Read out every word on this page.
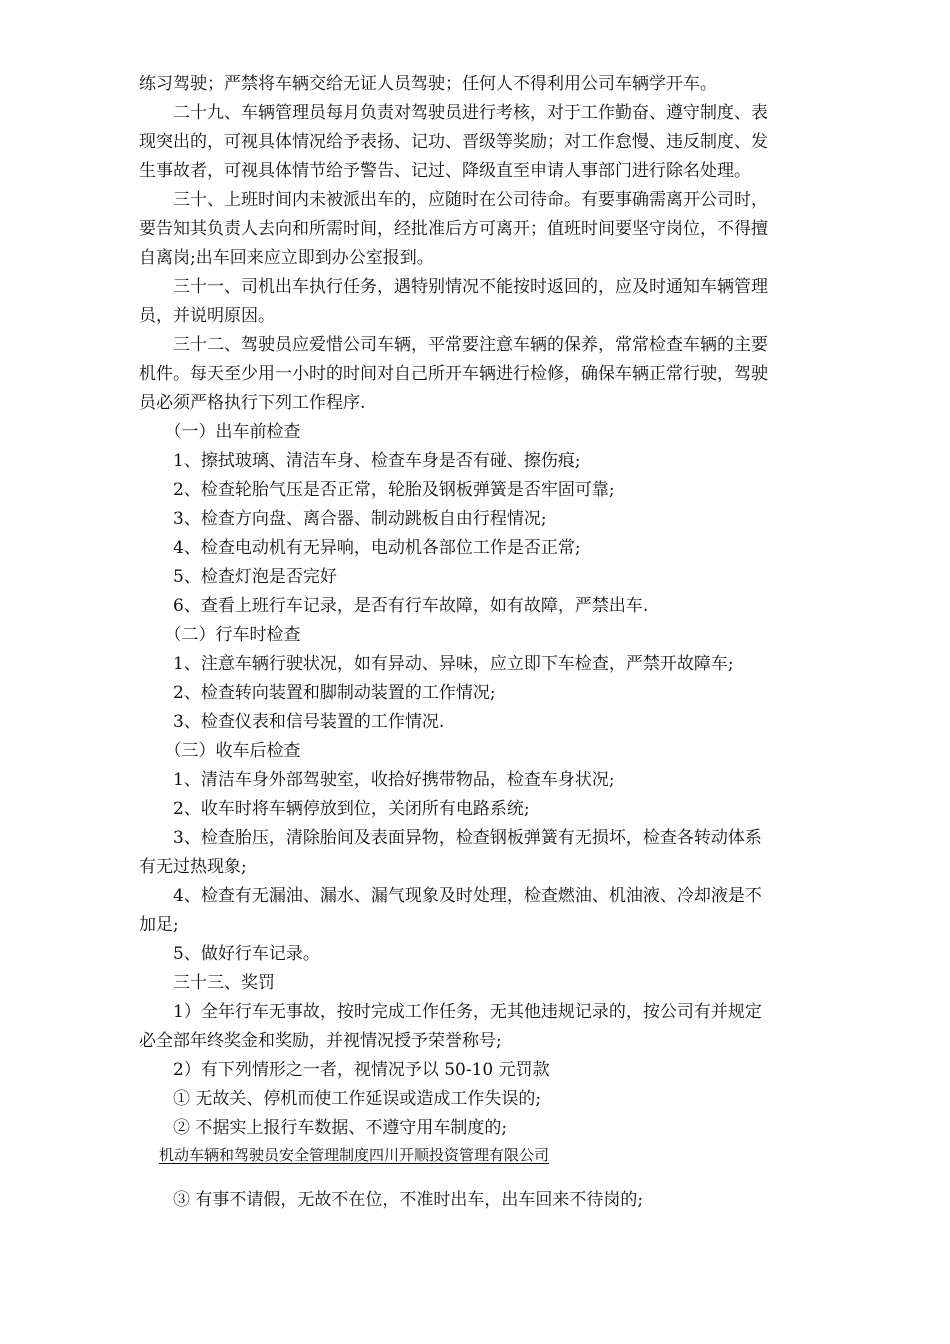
练习驾驶；严禁将车辆交给无证人员驾驶；任何人不得利用公司车辆学开车。
　　二十九、车辆管理员每月负责对驾驶员进行考核，对于工作勤奋、遵守制度、表
现突出的，可视具体情况给予表扬、记功、晋级等奖励；对工作怠慢、违反制度、发
生事故者，可视具体情节给予警告、记过、降级直至申请人事部门进行除名处理。
　　三十、上班时间内未被派出车的，应随时在公司待命。有要事确需离开公司时，
要告知其负责人去向和所需时间，经批准后方可离开；值班时间要坚守岗位，不得擅
自离岗;出车回来应立即到办公室报到。
　　三十一、司机出车执行任务，遇特别情况不能按时返回的，应及时通知车辆管理
员，并说明原因。
　　三十二、驾驶员应爱惜公司车辆，平常要注意车辆的保养，常常检查车辆的主要
机件。每天至少用一小时的时间对自己所开车辆进行检修，确保车辆正常行驶，驾驶
员必须严格执行下列工作程序.
　　（一）出车前检查
　　1、擦拭玻璃、清洁车身、检查车身是否有碰、擦伤痕;
　　2、检查轮胎气压是否正常，轮胎及钢板弹簧是否牢固可靠;
　　3、检查方向盘、离合器、制动跳板自由行程情况;
　　4、检查电动机有无异响，电动机各部位工作是否正常;
　　5、检查灯泡是否完好
　　6、查看上班行车记录，是否有行车故障，如有故障，严禁出车.
　　（二）行车时检查
　　1、注意车辆行驶状况，如有异动、异味，应立即下车检查，严禁开故障车;
　　2、检查转向装置和脚制动装置的工作情况;
　　3、检查仪表和信号装置的工作情况.
　　（三）收车后检查
　　1、清洁车身外部驾驶室，收拾好携带物品，检查车身状况;
　　2、收车时将车辆停放到位，关闭所有电路系统;
　　3、检查胎压，清除胎间及表面异物，检查钢板弹簧有无损坏，检查各转动体系
有无过热现象;
　　4、检查有无漏油、漏水、漏气现象及时处理，检查燃油、机油液、冷却液是不
加足;
　　5、做好行车记录。
　　三十三、奖罚
　　1）全年行车无事故，按时完成工作任务，无其他违规记录的，按公司有并规定
必全部年终奖金和奖励，并视情况授予荣誉称号;
　　2）有下列情形之一者，视情况予以 50-10 元罚款
　　① 无故关、停机而使工作延误或造成工作失误的;
　　② 不据实上报行车数据、不遵守用车制度的;
机动车辆和驾驶员安全管理制度四川开顺投资管理有限公司
　　③ 有事不请假，无故不在位，不准时出车，出车回来不待岗的;
